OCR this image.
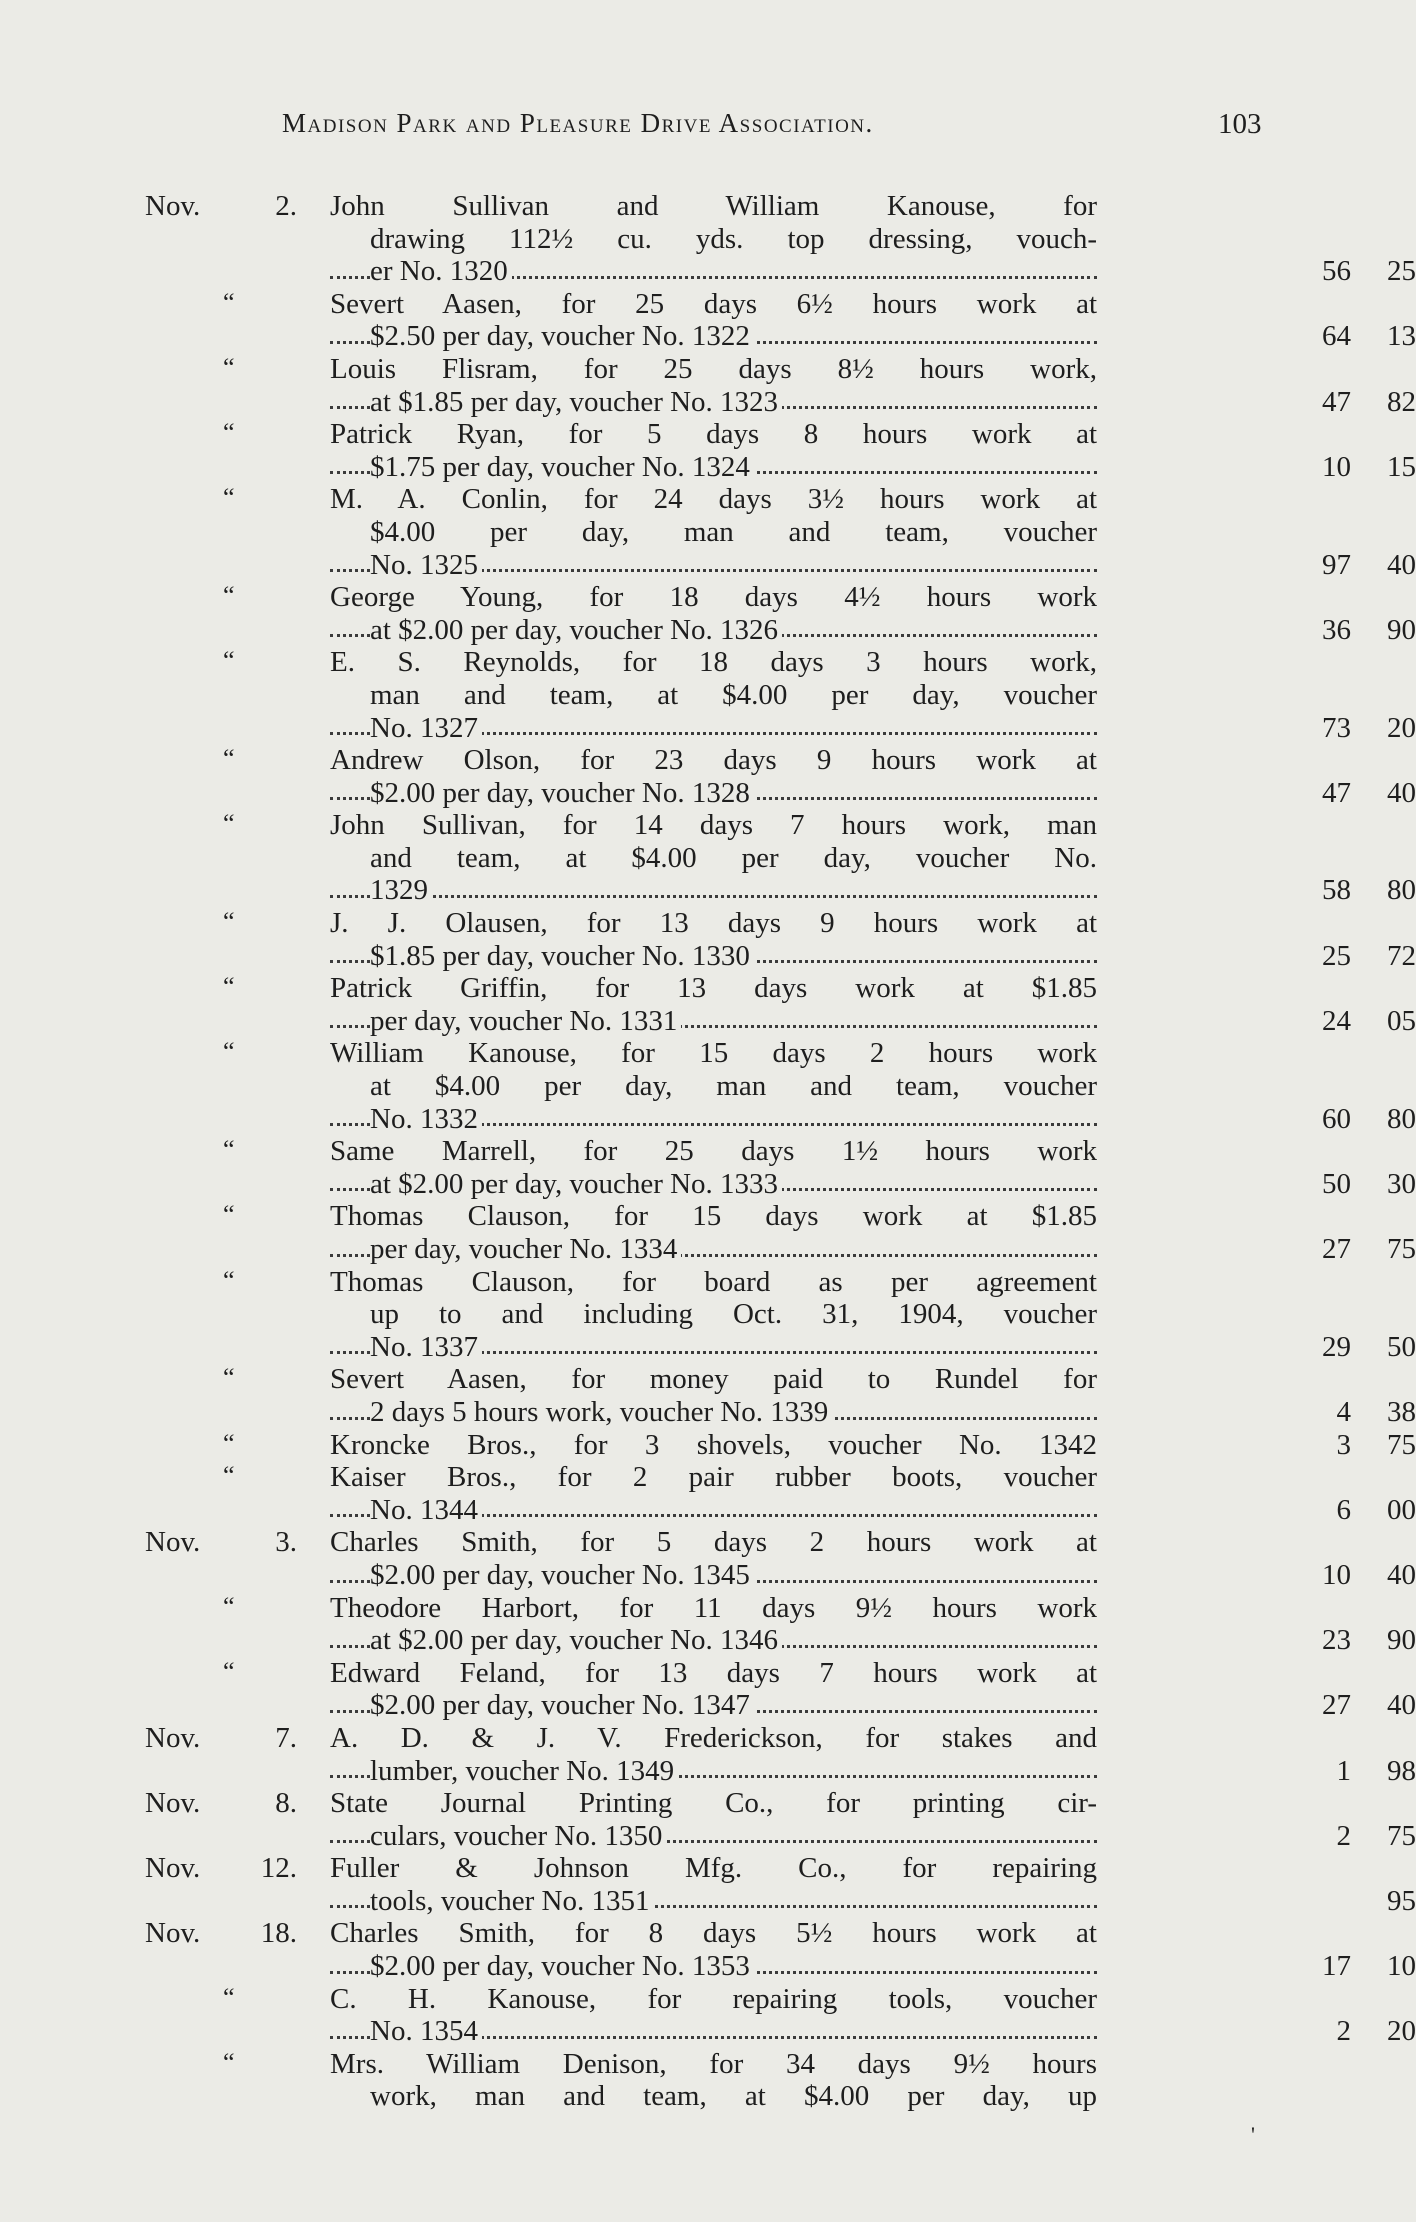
Madison Park and Pleasure Drive Association.	103
Nov.	2. John Sullivan and William Kanouse, for
drawing 112½ cu. yds. top dressing, vouch-
er No. 1320	56 25
“	Severt Aasen, for 25 days 6½ hours work at
$2.50 per day, voucher No. 1322	64 13
“	Louis Flisram, for 25 days 8½ hours work,
at $1.85 per day, voucher No. 1323	47 82
“	Patrick Ryan, for 5 days 8 hours work at
$1.75 per day, voucher No. 1324	10 15
“	M. A. Conlin, for 24 days 3½ hours work at
$4.00 per day, man and team, voucher
No. 1325	97 40
“	George Young, for 18 days 4½ hours work
at $2.00 per day, voucher No. 1326	36 90
“	E. S. Reynolds, for 18 days 3 hours work,
man and team, at $4.00 per day, voucher
No. 1327	73 20
“	Andrew Olson, for 23 days 9 hours work at
$2.00 per day, voucher No. 1328	47 40
“	John Sullivan, for 14 days 7 hours work, man
and team, at $4.00 per day, voucher No.
1329	58 80
“	J. J. Olausen, for 13 days 9 hours work at
$1.85 per day, voucher No. 1330	25 72
“	Patrick Griffin, for 13 days work at $1.85
per day, voucher No. 1331	24 05
“	William Kanouse, for 15 days 2 hours work
at $4.00 per day, man and team, voucher
No. 1332	60 80
“	Same Marrell, for 25 days 1½ hours work
at $2.00 per day, voucher No. 1333	50 30
“	Thomas Clauson, for 15 days work at $1.85
per day, voucher No. 1334	27 75
“	Thomas Clauson, for board as per agreement
up to and including Oct. 31, 1904, voucher
No. 1337	29 50
“	Severt Aasen, for money paid to Rundel for
2 days 5 hours work, voucher No. 1339	4 38
“	Kroncke Bros., for 3 shovels, voucher No. 1342	3 75
“	Kaiser Bros., for 2 pair rubber boots, voucher
No. 1344	6 00
Nov.	3. Charles Smith, for 5 days 2 hours work at
$2.00 per day, voucher No. 1345	10 40
“	Theodore Harbort, for 11 days 9½ hours work
at $2.00 per day, voucher No. 1346	23 90
“	Edward Feland, for 13 days 7 hours work at
$2.00 per day, voucher No. 1347	27 40
Nov.	7. A. D. & J. V. Frederickson, for stakes and
lumber, voucher No. 1349	1 98
Nov.	8. State Journal Printing Co., for printing cir-
culars, voucher No. 1350	2 75
Nov. 12. Fuller & Johnson Mfg. Co., for repairing
tools, voucher No. 1351	95
Nov. 18. Charles Smith, for 8 days 5½ hours work at
$2.00 per day, voucher No. 1353	17 10
“	C. H. Kanouse, for repairing tools, voucher
No. 1354	2 20
“	Mrs. William Denison, for 34 days 9½ hours
work, man and team, at $4.00 per day, up
'
